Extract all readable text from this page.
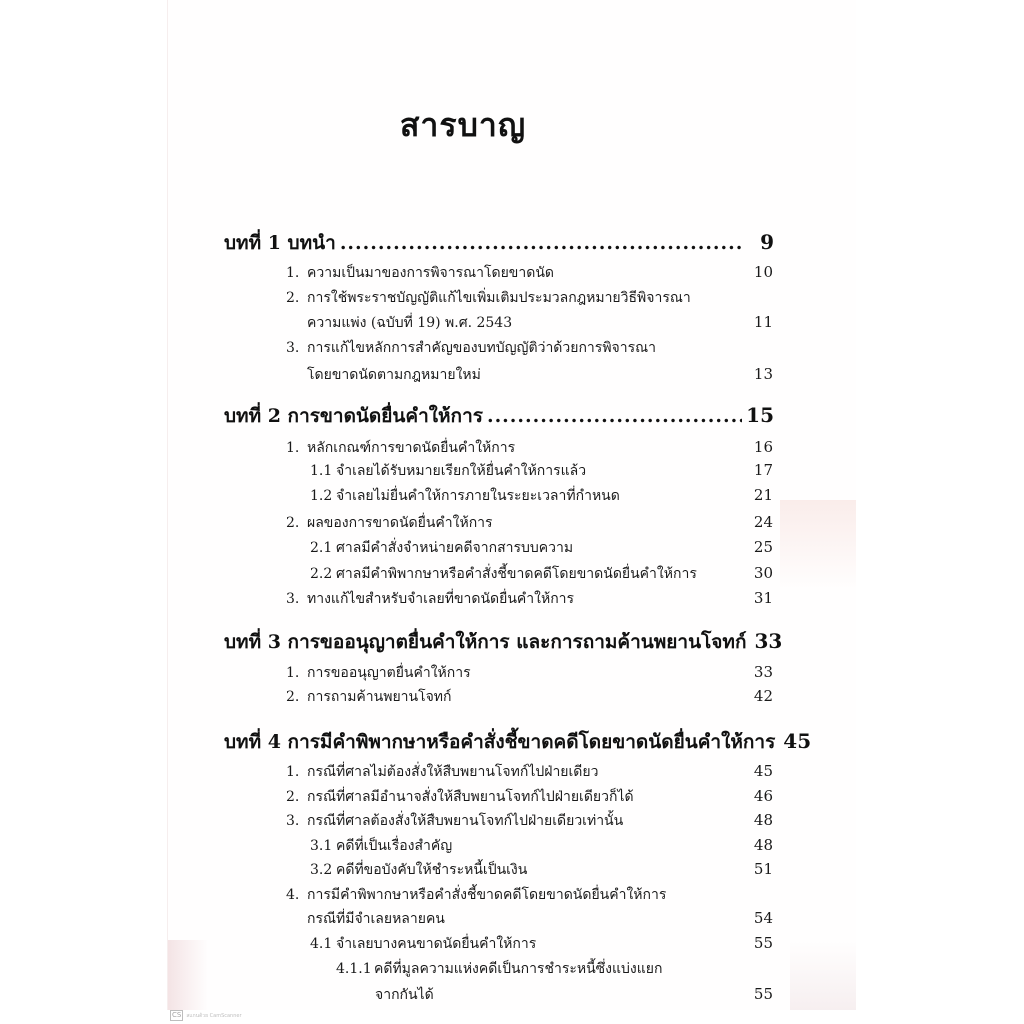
สารบาญ
บทที่ 1 บทนำ .....	9
1. ความเป็นมาของการพิจารณาโดยขาดนัด	10
2. การใช้พระราชบัญญัติแก้ไขเพิ่มเติมประมวลกฎหมายวิธีพิจารณา
ความแพ่ง (ฉบับที่ 19) พ.ศ. 2543	11
3. การแก้ไขหลักการสำคัญของบทบัญญัติว่าด้วยการพิจารณา
โดยขาดนัดตามกฎหมายใหม่	13
บทที่ 2 การขาดนัดยื่นคำให้การ .....	15
1. หลักเกณฑ์การขาดนัดยื่นคำให้การ	16
1.1 จำเลยได้รับหมายเรียกให้ยื่นคำให้การแล้ว	17
1.2 จำเลยไม่ยื่นคำให้การภายในระยะเวลาที่กำหนด	21
2. ผลของการขาดนัดยื่นคำให้การ	24
2.1 ศาลมีคำสั่งจำหน่ายคดีจากสารบบความ	25
2.2 ศาลมีคำพิพากษาหรือคำสั่งชี้ขาดคดีโดยขาดนัดยื่นคำให้การ	30
3. ทางแก้ไขสำหรับจำเลยที่ขาดนัดยื่นคำให้การ	31
บทที่ 3 การขออนุญาตยื่นคำให้การ และการถามค้านพยานโจทก์ 33
1. การขออนุญาตยื่นคำให้การ	33
2. การถามค้านพยานโจทก์	42
บทที่ 4 การมีคำพิพากษาหรือคำสั่งชี้ขาดคดีโดยขาดนัดยื่นคำให้การ 45
1. กรณีที่ศาลไม่ต้องสั่งให้สืบพยานโจทก์ไปฝ่ายเดียว	45
2. กรณีที่ศาลมีอำนาจสั่งให้สืบพยานโจทก์ไปฝ่ายเดียวก็ได้	46
3. กรณีที่ศาลต้องสั่งให้สืบพยานโจทก์ไปฝ่ายเดียวเท่านั้น	48
3.1 คดีที่เป็นเรื่องสำคัญ	48
3.2 คดีที่ขอบังคับให้ชำระหนี้เป็นเงิน	51
4. การมีคำพิพากษาหรือคำสั่งชี้ขาดคดีโดยขาดนัดยื่นคำให้การ
กรณีที่มีจำเลยหลายคน	54
4.1 จำเลยบางคนขาดนัดยื่นคำให้การ	55
4.1.1 คดีที่มูลความแห่งคดีเป็นการชำระหนี้ซึ่งแบ่งแยก
จากกันได้	55
CS	สแกนด้วย CamScanner
